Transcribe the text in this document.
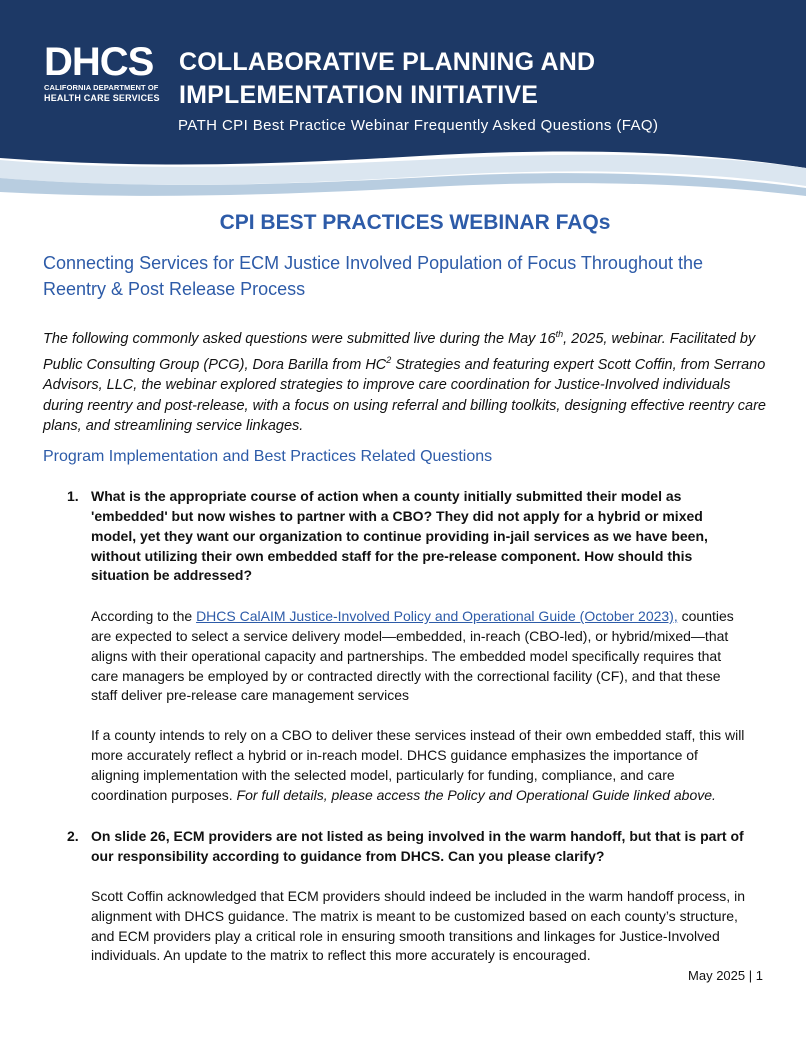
DHCS
CALIFORNIA DEPARTMENT OF
HEALTH CARE SERVICES
COLLABORATIVE PLANNING AND
IMPLEMENTATION INITIATIVE
PATH CPI Best Practice Webinar Frequently Asked Questions (FAQ)
CPI BEST PRACTICES WEBINAR FAQs
Connecting Services for ECM Justice Involved Population of Focus Throughout the Reentry & Post Release Process
The following commonly asked questions were submitted live during the May 16th, 2025, webinar. Facilitated by Public Consulting Group (PCG), Dora Barilla from $HC^2$ Strategies and featuring expert Scott Coffin, from Serrano Advisors, LLC, the webinar explored strategies to improve care coordination for Justice-Involved individuals during reentry and post-release, with a focus on using referral and billing toolkits, designing effective reentry care plans, and streamlining service linkages.
Program Implementation and Best Practices Related Questions
1. What is the appropriate course of action when a county initially submitted their model as 'embedded' but now wishes to partner with a CBO? They did not apply for a hybrid or mixed model, yet they want our organization to continue providing in-jail services as we have been, without utilizing their own embedded staff for the pre-release component. How should this situation be addressed?
According to the DHCS CalAIM Justice-Involved Policy and Operational Guide (October 2023), counties are expected to select a service delivery model—embedded, in-reach (CBO-led), or hybrid/mixed—that aligns with their operational capacity and partnerships. The embedded model specifically requires that care managers be employed by or contracted directly with the correctional facility (CF), and that these staff deliver pre-release care management services
If a county intends to rely on a CBO to deliver these services instead of their own embedded staff, this will more accurately reflect a hybrid or in-reach model. DHCS guidance emphasizes the importance of aligning implementation with the selected model, particularly for funding, compliance, and care coordination purposes. For full details, please access the Policy and Operational Guide linked above.
2. On slide 26, ECM providers are not listed as being involved in the warm handoff, but that is part of our responsibility according to guidance from DHCS. Can you please clarify?
Scott Coffin acknowledged that ECM providers should indeed be included in the warm handoff process, in alignment with DHCS guidance. The matrix is meant to be customized based on each county’s structure, and ECM providers play a critical role in ensuring smooth transitions and linkages for Justice-Involved individuals. An update to the matrix to reflect this more accurately is encouraged.
May 2025 | 1
